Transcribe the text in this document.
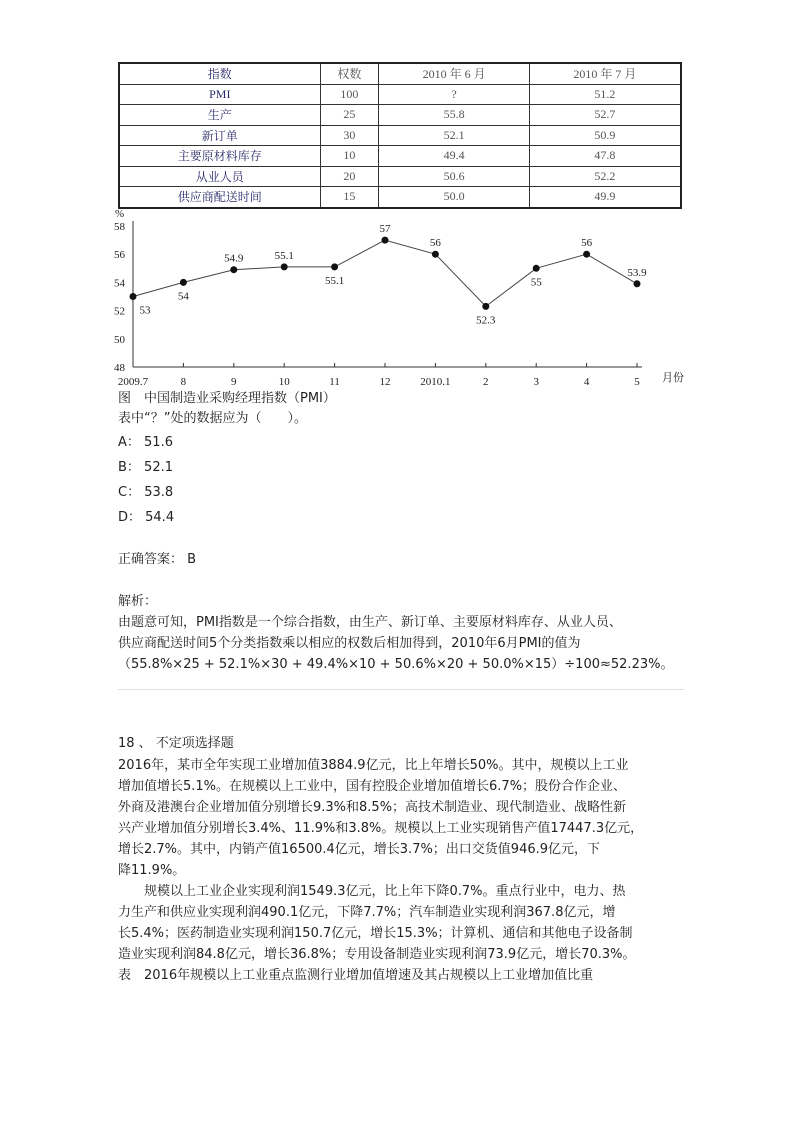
指数	权数	2010 年 6 月	2010 年 7 月
PMI	100	?	51.2
生产	25	55.8	52.7
新订单	30	52.1	50.9
主要原材料库存	10	49.4	47.8
从业人员	20	50.6	52.2
供应商配送时间	15	50.0	49.9
%
月份
48
50
52
54
56
58
2009.7	8	9	10	11	12	2010.1	2	3	4	5
53
54
54.9	55.1
55.1
57
56
52.3
55
56
53.9
图　中国制造业采购经理指数（PMI）
表中“？”处的数据应为（　　）。
A： 51.6
B： 52.1
C： 53.8
D： 54.4
正确答案： B
解析：
由题意可知，PMI指数是一个综合指数，由生产、新订单、主要原材料库存、从业人员、
供应商配送时间5个分类指数乘以相应的权数后相加得到，2010年6月PMI的值为
（55.8%×25 + 52.1%×30 + 49.4%×10 + 50.6%×20 + 50.0%×15）÷100≈52.23%。
18 、 不定项选择题
2016年，某市全年实现工业增加值3884.9亿元，比上年增长50%。其中，规模以上工业
增加值增长5.1%。在规模以上工业中，国有控股企业增加值增长6.7%；股份合作企业、
外商及港澳台企业增加值分别增长9.3%和8.5%；高技术制造业、现代制造业、战略性新
兴产业增加值分别增长3.4%、11.9%和3.8%。规模以上工业实现销售产值17447.3亿元，
增长2.7%。其中，内销产值16500.4亿元，增长3.7%；出口交货值946.9亿元，下
降11.9%。
　　规模以上工业企业实现利润1549.3亿元，比上年下降0.7%。重点行业中，电力、热
力生产和供应业实现利润490.1亿元，下降7.7%；汽车制造业实现利润367.8亿元，增
长5.4%；医药制造业实现利润150.7亿元，增长15.3%；计算机、通信和其他电子设备制
造业实现利润84.8亿元，增长36.8%；专用设备制造业实现利润73.9亿元，增长70.3%。
表　2016年规模以上工业重点监测行业增加值增速及其占规模以上工业增加值比重
